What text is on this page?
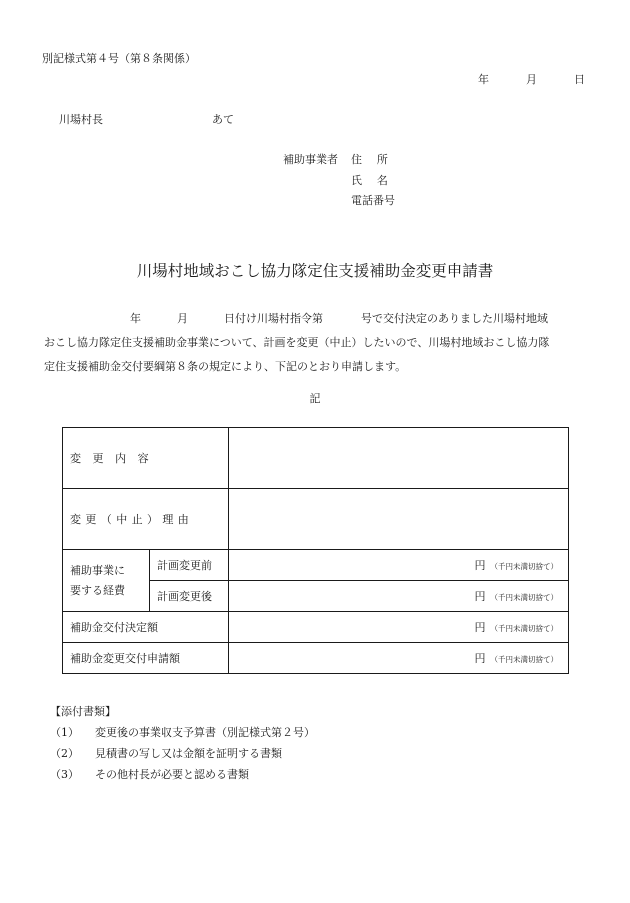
別記様式第４号（第８条関係）
年	月	日
川場村長	あて
補助事業者 住所
氏名
電話番号
川場村地域おこし協力隊定住支援補助金変更申請書
年	月	日付け川場村指令第	号で交付決定のありました川場村地域
おこし協力隊定住支援補助金事業について、計画を変更（中止）したいので、川場村地域おこし協力隊
定住支援補助金交付要綱第８条の規定により、下記のとおり申請します。
記
変更内容		
変更（中止）理由		

補助事業に
要する経費	計画変更前	円 （千円未満切捨て）
	計画変更後	円 （千円未満切捨て）
補助金交付決定額		円 （千円未満切捨て）
補助金変更交付申請額		円 （千円未満切捨て）
【添付書類】
（1） 変更後の事業収支予算書（別記様式第２号）
（2） 見積書の写し又は金額を証明する書類
（3） その他村長が必要と認める書類
